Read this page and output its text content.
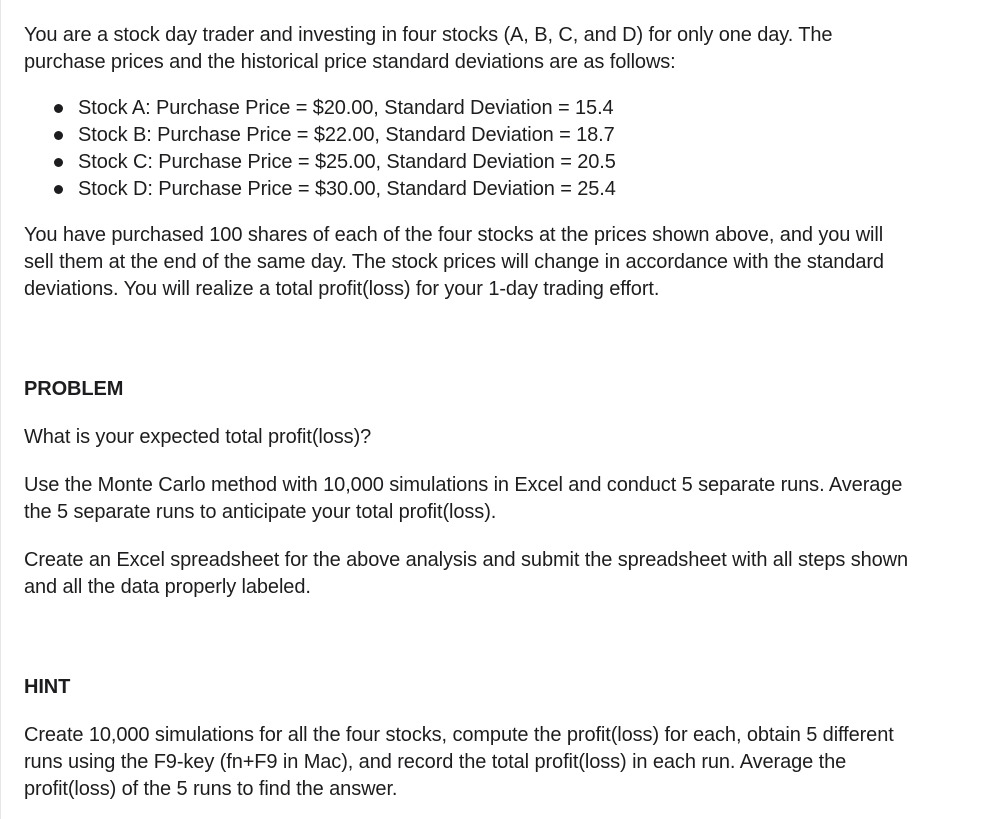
You are a stock day trader and investing in four stocks (A, B, C, and D) for only one day. The
purchase prices and the historical price standard deviations are as follows:

Stock A: Purchase Price = $20.00, Standard Deviation = 15.4
Stock B: Purchase Price = $22.00, Standard Deviation = 18.7
Stock C: Purchase Price = $25.00, Standard Deviation = 20.5
Stock D: Purchase Price = $30.00, Standard Deviation = 25.4

You have purchased 100 shares of each of the four stocks at the prices shown above, and you will
sell them at the end of the same day. The stock prices will change in accordance with the standard
deviations. You will realize a total profit(loss) for your 1-day trading effort.

PROBLEM

What is your expected total profit(loss)?

Use the Monte Carlo method with 10,000 simulations in Excel and conduct 5 separate runs. Average
the 5 separate runs to anticipate your total profit(loss).

Create an Excel spreadsheet for the above analysis and submit the spreadsheet with all steps shown
and all the data properly labeled.

HINT

Create 10,000 simulations for all the four stocks, compute the profit(loss) for each, obtain 5 different
runs using the F9-key (fn+F9 in Mac), and record the total profit(loss) in each run. Average the
profit(loss) of the 5 runs to find the answer.
